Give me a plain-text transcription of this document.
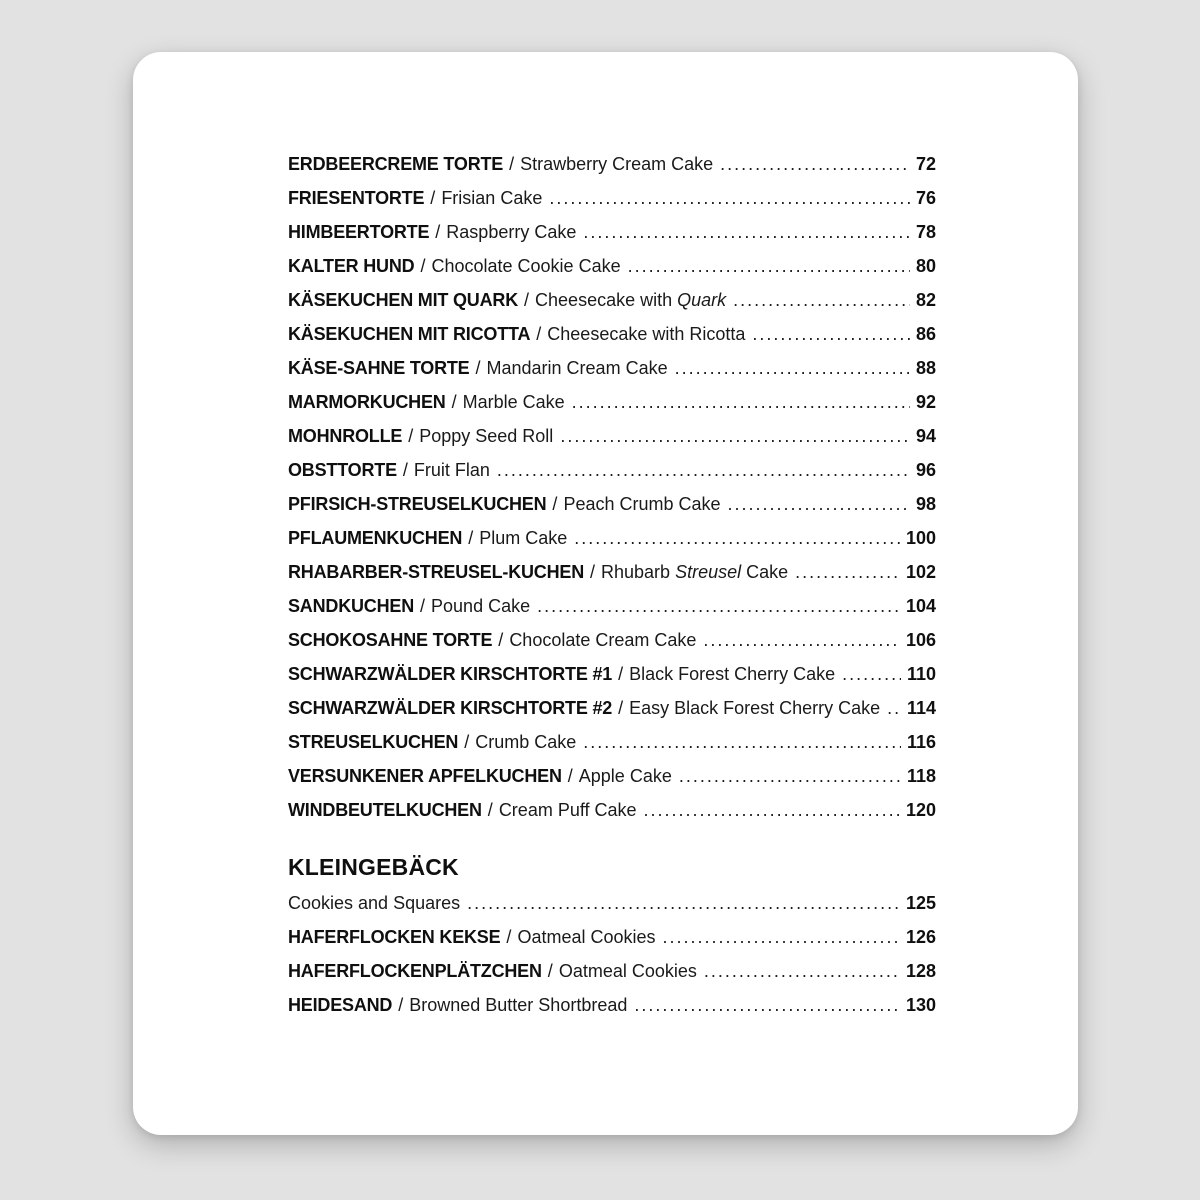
ERDBEERCREME TORTE / Strawberry Cream Cake .....	72
FRIESENTORTE / Frisian Cake .....	76
HIMBEERTORTE / Raspberry Cake .....	78
KALTER HUND / Chocolate Cookie Cake .....	80
KÄSEKUCHEN MIT QUARK / Cheesecake with Quark .....	82
KÄSEKUCHEN MIT RICOTTA / Cheesecake with Ricotta .....	86
KÄSE-SAHNE TORTE / Mandarin Cream Cake .....	88
MARMORKUCHEN / Marble Cake .....	92
MOHNROLLE / Poppy Seed Roll .....	94
OBSTTORTE / Fruit Flan .....	96
PFIRSICH-STREUSELKUCHEN / Peach Crumb Cake .....	98
PFLAUMENKUCHEN / Plum Cake .....	100
RHABARBER-STREUSEL-KUCHEN / Rhubarb Streusel Cake .....	102
SANDKUCHEN / Pound Cake .....	104
SCHOKOSAHNE TORTE / Chocolate Cream Cake .....	106
SCHWARZWÄLDER KIRSCHTORTE #1 / Black Forest Cherry Cake .....	110
SCHWARZWÄLDER KIRSCHTORTE #2 / Easy Black Forest Cherry Cake ..... 114
STREUSELKUCHEN / Crumb Cake .....	116
VERSUNKENER APFELKUCHEN / Apple Cake .....	118
WINDBEUTELKUCHEN / Cream Puff Cake .....	120
KLEINGEBÄCK
Cookies and Squares .....	125
HAFERFLOCKEN KEKSE / Oatmeal Cookies .....	126
HAFERFLOCKENPLÄTZCHEN / Oatmeal Cookies .....	128
HEIDESAND / Browned Butter Shortbread .....	130
